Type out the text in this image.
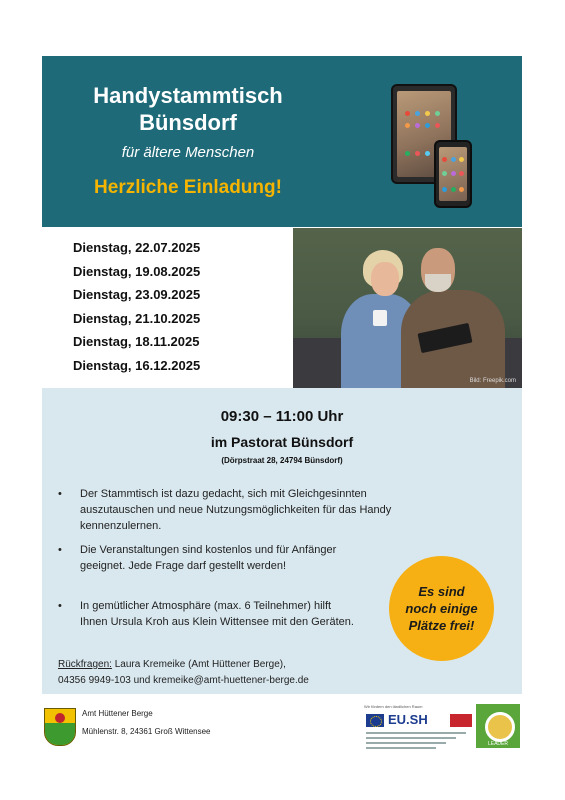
Handystammtisch
Bünsdorf
für ältere Menschen
Herzliche Einladung!
Dienstag, 22.07.2025
Dienstag, 19.08.2025
Dienstag, 23.09.2025
Dienstag, 21.10.2025
Dienstag, 18.11.2025
Dienstag, 16.12.2025
Bild: Freepik.com
09:30 – 11:00 Uhr
im Pastorat Bünsdorf
(Dörpstraat 28, 24794 Bünsdorf)
• Der Stammtisch ist dazu gedacht, sich mit Gleichgesinnten auszutauschen und neue Nutzungsmöglichkeiten für das Handy kennenzulernen.
• Die Veranstaltungen sind kostenlos und für Anfänger geeignet. Jede Frage darf gestellt werden!
• In gemütlicher Atmosphäre (max. 6 Teilnehmer) hilft Ihnen Ursula Kroh aus Klein Wittensee mit den Geräten.
Rückfragen: Laura Kremeike (Amt Hüttener Berge),
04356 9949-103 und kremeike@amt-huettener-berge.de
Es sind
noch einige
Plätze frei!
Amt Hüttener Berge
Mühlenstr. 8, 24361 Groß Wittensee
Wir fördern den ländlichen Raum
EU.SH
LEADER
